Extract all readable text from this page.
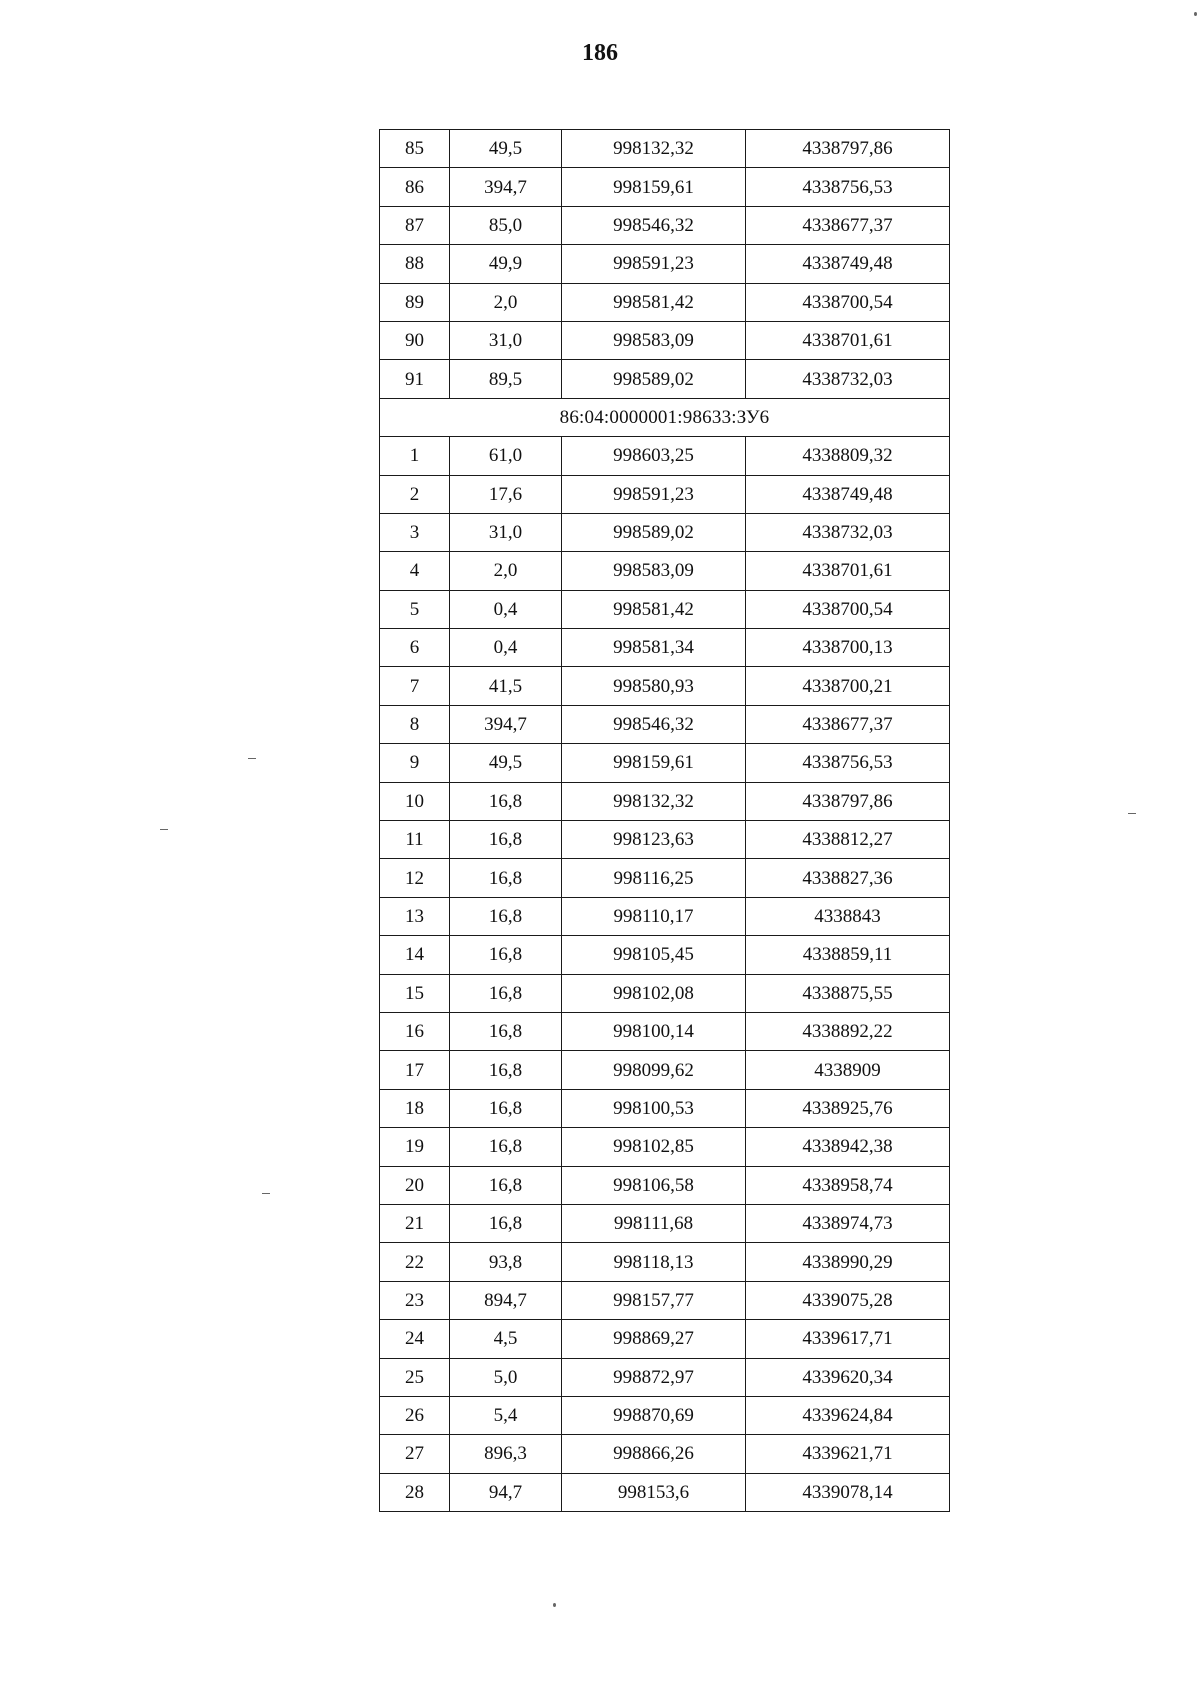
186
85	49,5	998132,32	4338797,86
86	394,7	998159,61	4338756,53
87	85,0	998546,32	4338677,37
88	49,9	998591,23	4338749,48
89	2,0	998581,42	4338700,54
90	31,0	998583,09	4338701,61
91	89,5	998589,02	4338732,03
86:04:0000001:98633:ЗУ6			
1	61,0	998603,25	4338809,32
2	17,6	998591,23	4338749,48
3	31,0	998589,02	4338732,03
4	2,0	998583,09	4338701,61
5	0,4	998581,42	4338700,54
6	0,4	998581,34	4338700,13
7	41,5	998580,93	4338700,21
8	394,7	998546,32	4338677,37
9	49,5	998159,61	4338756,53
10	16,8	998132,32	4338797,86
11	16,8	998123,63	4338812,27
12	16,8	998116,25	4338827,36
13	16,8	998110,17	4338843
14	16,8	998105,45	4338859,11
15	16,8	998102,08	4338875,55
16	16,8	998100,14	4338892,22
17	16,8	998099,62	4338909
18	16,8	998100,53	4338925,76
19	16,8	998102,85	4338942,38
20	16,8	998106,58	4338958,74
21	16,8	998111,68	4338974,73
22	93,8	998118,13	4338990,29
23	894,7	998157,77	4339075,28
24	4,5	998869,27	4339617,71
25	5,0	998872,97	4339620,34
26	5,4	998870,69	4339624,84
27	896,3	998866,26	4339621,71
28	94,7	998153,6	4339078,14
